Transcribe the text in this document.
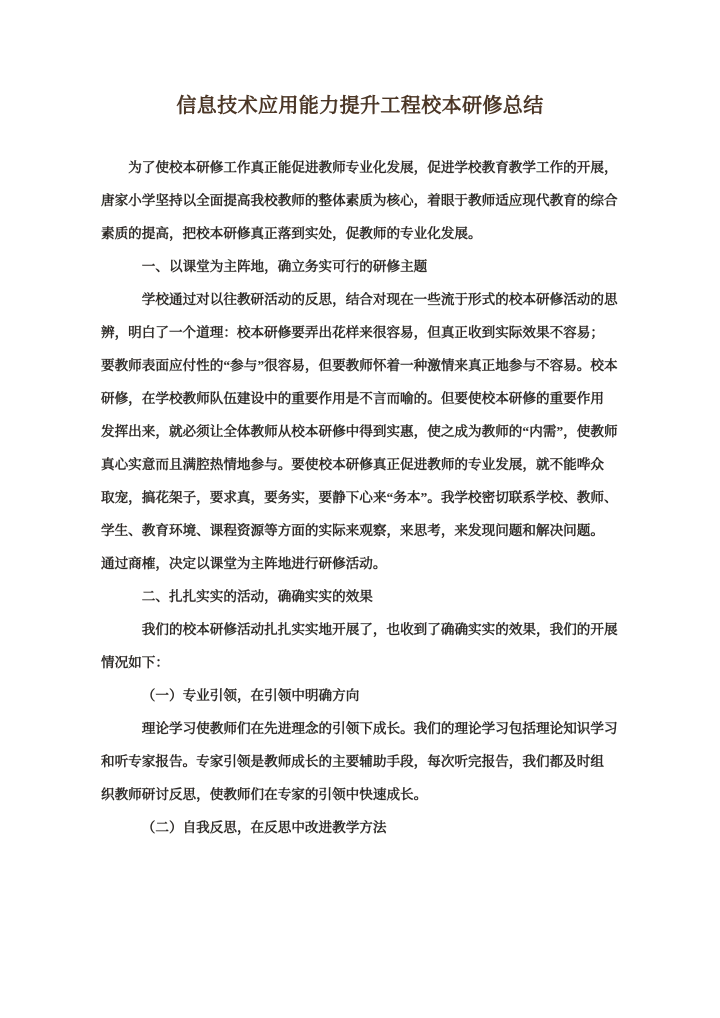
信息技术应用能力提升工程校本研修总结
为了使校本研修工作真正能促进教师专业化发展，促进学校教育教学工作的开展，
唐家小学坚持以全面提高我校教师的整体素质为核心，着眼于教师适应现代教育的综合
素质的提高，把校本研修真正落到实处，促教师的专业化发展。
一、以课堂为主阵地，确立务实可行的研修主题
学校通过对以往教研活动的反思，结合对现在一些流于形式的校本研修活动的思
辨，明白了一个道理：校本研修要弄出花样来很容易，但真正收到实际效果不容易；
要教师表面应付性的“参与”很容易，但要教师怀着一种激情来真正地参与不容易。校本
研修，在学校教师队伍建设中的重要作用是不言而喻的。但要使校本研修的重要作用
发挥出来，就必须让全体教师从校本研修中得到实惠，使之成为教师的“内需”，使教师
真心实意而且满腔热情地参与。要使校本研修真正促进教师的专业发展，就不能哗众
取宠，搞花架子，要求真，要务实，要静下心来“务本”。我学校密切联系学校、教师、
学生、教育环境、课程资源等方面的实际来观察，来思考，来发现问题和解决问题。
通过商榷，决定以课堂为主阵地进行研修活动。
二、扎扎实实的活动，确确实实的效果
我们的校本研修活动扎扎实实地开展了，也收到了确确实实的效果，我们的开展
情况如下：
（一）专业引领，在引领中明确方向
理论学习使教师们在先进理念的引领下成长。我们的理论学习包括理论知识学习
和听专家报告。专家引领是教师成长的主要辅助手段，每次听完报告，我们都及时组
织教师研讨反思，使教师们在专家的引领中快速成长。
（二）自我反思，在反思中改进教学方法
